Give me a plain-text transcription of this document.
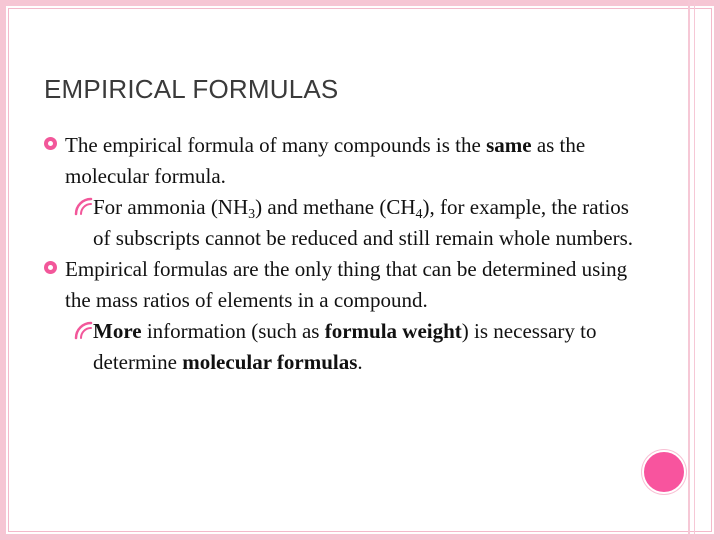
EMPIRICAL FORMULAS
The empirical formula of many compounds is the same as the molecular formula.
For ammonia $(NH_3)$ and methane $(CH_4)$, for example, the ratios of subscripts cannot be reduced and still remain whole numbers.
Empirical formulas are the only thing that can be determined using the mass ratios of elements in a compound.
More information (such as formula weight) is necessary to determine molecular formulas.
